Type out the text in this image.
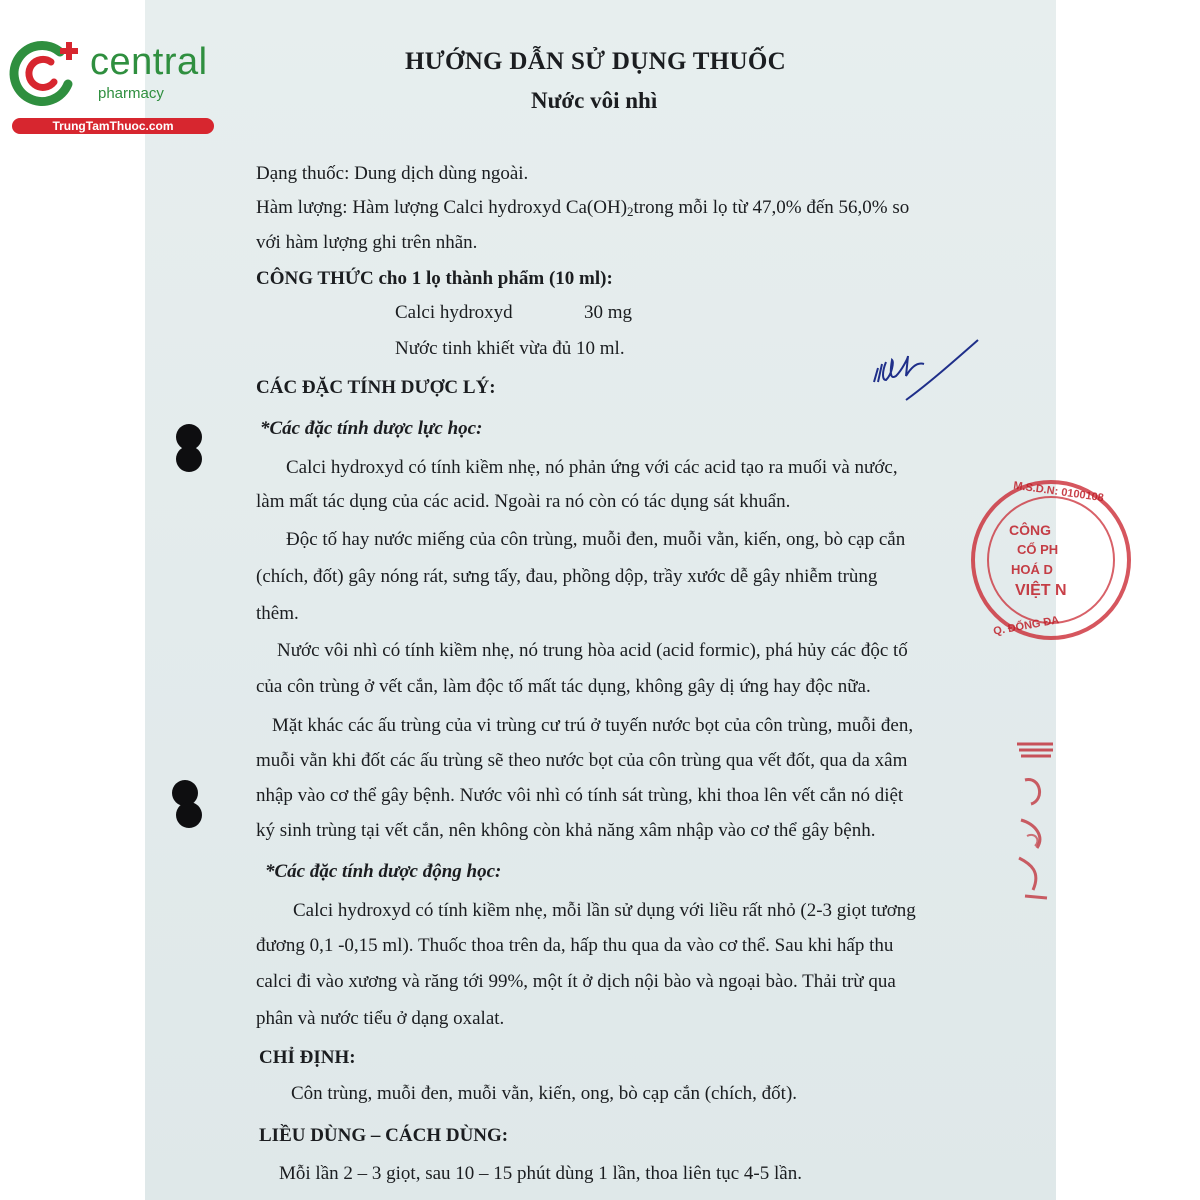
central
pharmacy
TrungTamThuoc.com
HƯỚNG DẪN SỬ DỤNG THUỐC
Nước vôi nhì
Dạng thuốc: Dung dịch dùng ngoài.
Hàm lượng: Hàm lượng Calci hydroxyd $Ca(OH)_2trong$ mỗi lọ từ 47,0% đến 56,0% so
với hàm lượng ghi trên nhãn.
CÔNG THỨC cho 1 lọ thành phẩm (10 ml):
Calci hydroxyd	30 mg
Nước tinh khiết vừa đủ 10 ml.
CÁC ĐẶC TÍNH DƯỢC LÝ:
*Các đặc tính dược lực học:
Calci hydroxyd có tính kiềm nhẹ, nó phản ứng với các acid tạo ra muối và nước,
làm mất tác dụng của các acid. Ngoài ra nó còn có tác dụng sát khuẩn.
Độc tố hay nước miếng của côn trùng, muỗi đen, muỗi vằn, kiến, ong, bò cạp cắn
(chích, đốt) gây nóng rát, sưng tấy, đau, phồng dộp, trầy xước dễ gây nhiễm trùng
thêm.
Nước vôi nhì có tính kiềm nhẹ, nó trung hòa acid (acid formic), phá hủy các độc tố
của côn trùng ở vết cắn, làm độc tố mất tác dụng, không gây dị ứng hay độc nữa.
Mặt khác các ấu trùng của vi trùng cư trú ở tuyến nước bọt của côn trùng, muỗi đen,
muỗi vằn khi đốt các ấu trùng sẽ theo nước bọt của côn trùng qua vết đốt, qua da xâm
nhập vào cơ thể gây bệnh. Nước vôi nhì có tính sát trùng, khi thoa lên vết cắn nó diệt
ký sinh trùng tại vết cắn, nên không còn khả năng xâm nhập vào cơ thể gây bệnh.
*Các đặc tính dược động học:
Calci hydroxyd có tính kiềm nhẹ, mỗi lần sử dụng với liều rất nhỏ (2-3 giọt tương
đương 0,1 -0,15 ml). Thuốc thoa trên da, hấp thu qua da vào cơ thể. Sau khi hấp thu
calci đi vào xương và răng tới 99%, một ít ở dịch nội bào và ngoại bào. Thải trừ qua
phân và nước tiểu ở dạng oxalat.
CHỈ ĐỊNH:
Côn trùng, muỗi đen, muỗi vằn, kiến, ong, bò cạp cắn (chích, đốt).
LIỀU DÙNG – CÁCH DÙNG:
Mỗi lần 2 – 3 giọt, sau 10 – 15 phút dùng 1 lần, thoa liên tục 4-5 lần.
M.S.D.N: 0100108
Q. ĐỐNG ĐA
CÔNG
CỔ PH
HOÁ D
VIỆT N
